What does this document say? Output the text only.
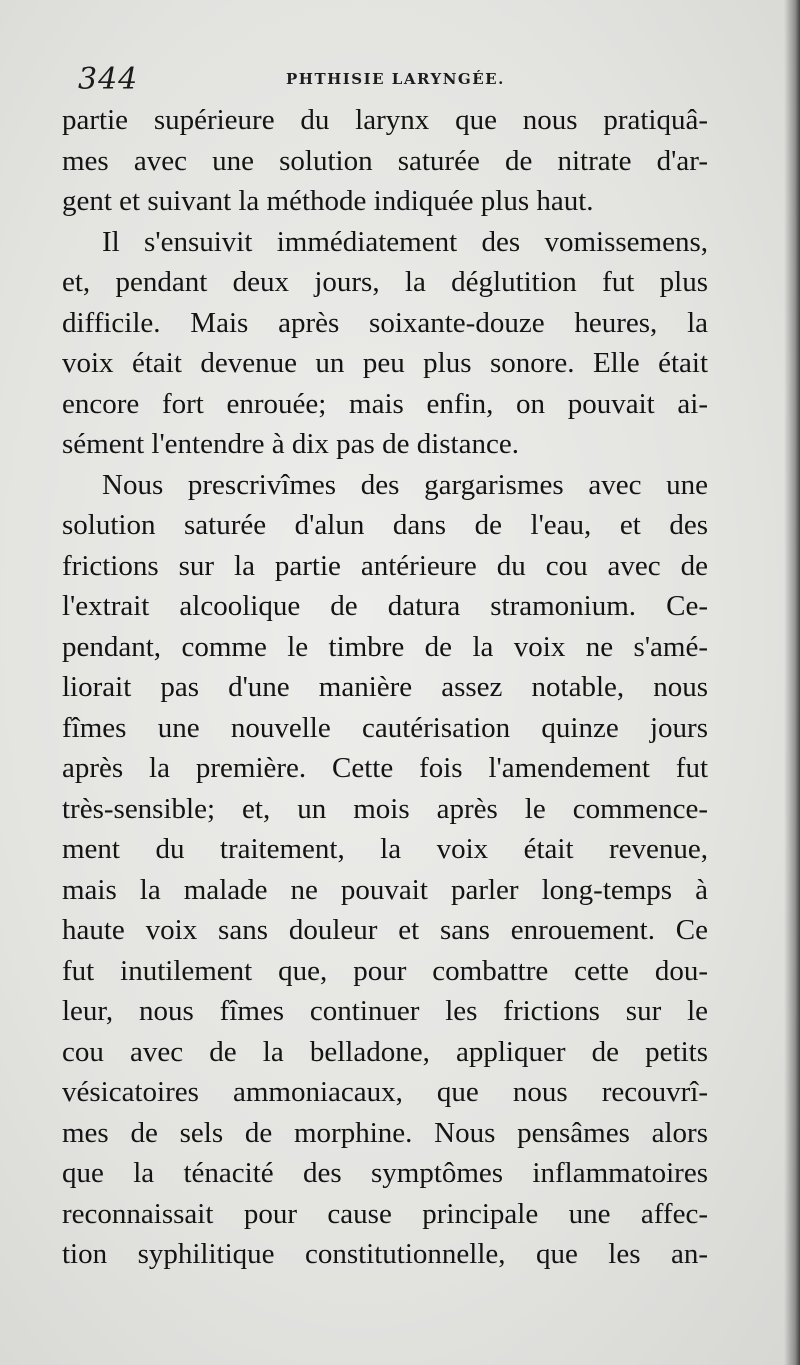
344	PHTHISIE LARYNGÉE.
partie supérieure du larynx que nous pratiquâ-
mes avec une solution saturée de nitrate d'ar-
gent et suivant la méthode indiquée plus haut.
Il s'ensuivit immédiatement des vomissemens,
et, pendant deux jours, la déglutition fut plus
difficile. Mais après soixante-douze heures, la
voix était devenue un peu plus sonore. Elle était
encore fort enrouée; mais enfin, on pouvait ai-
sément l'entendre à dix pas de distance.
Nous prescrivîmes des gargarismes avec une
solution saturée d'alun dans de l'eau, et des
frictions sur la partie antérieure du cou avec de
l'extrait alcoolique de datura stramonium. Ce-
pendant, comme le timbre de la voix ne s'amé-
liorait pas d'une manière assez notable, nous
fîmes une nouvelle cautérisation quinze jours
après la première. Cette fois l'amendement fut
très-sensible; et, un mois après le commence-
ment du traitement, la voix était revenue,
mais la malade ne pouvait parler long-temps à
haute voix sans douleur et sans enrouement. Ce
fut inutilement que, pour combattre cette dou-
leur, nous fîmes continuer les frictions sur le
cou avec de la belladone, appliquer de petits
vésicatoires ammoniacaux, que nous recouvrî-
mes de sels de morphine. Nous pensâmes alors
que la ténacité des symptômes inflammatoires
reconnaissait pour cause principale une affec-
tion syphilitique constitutionnelle, que les an-
